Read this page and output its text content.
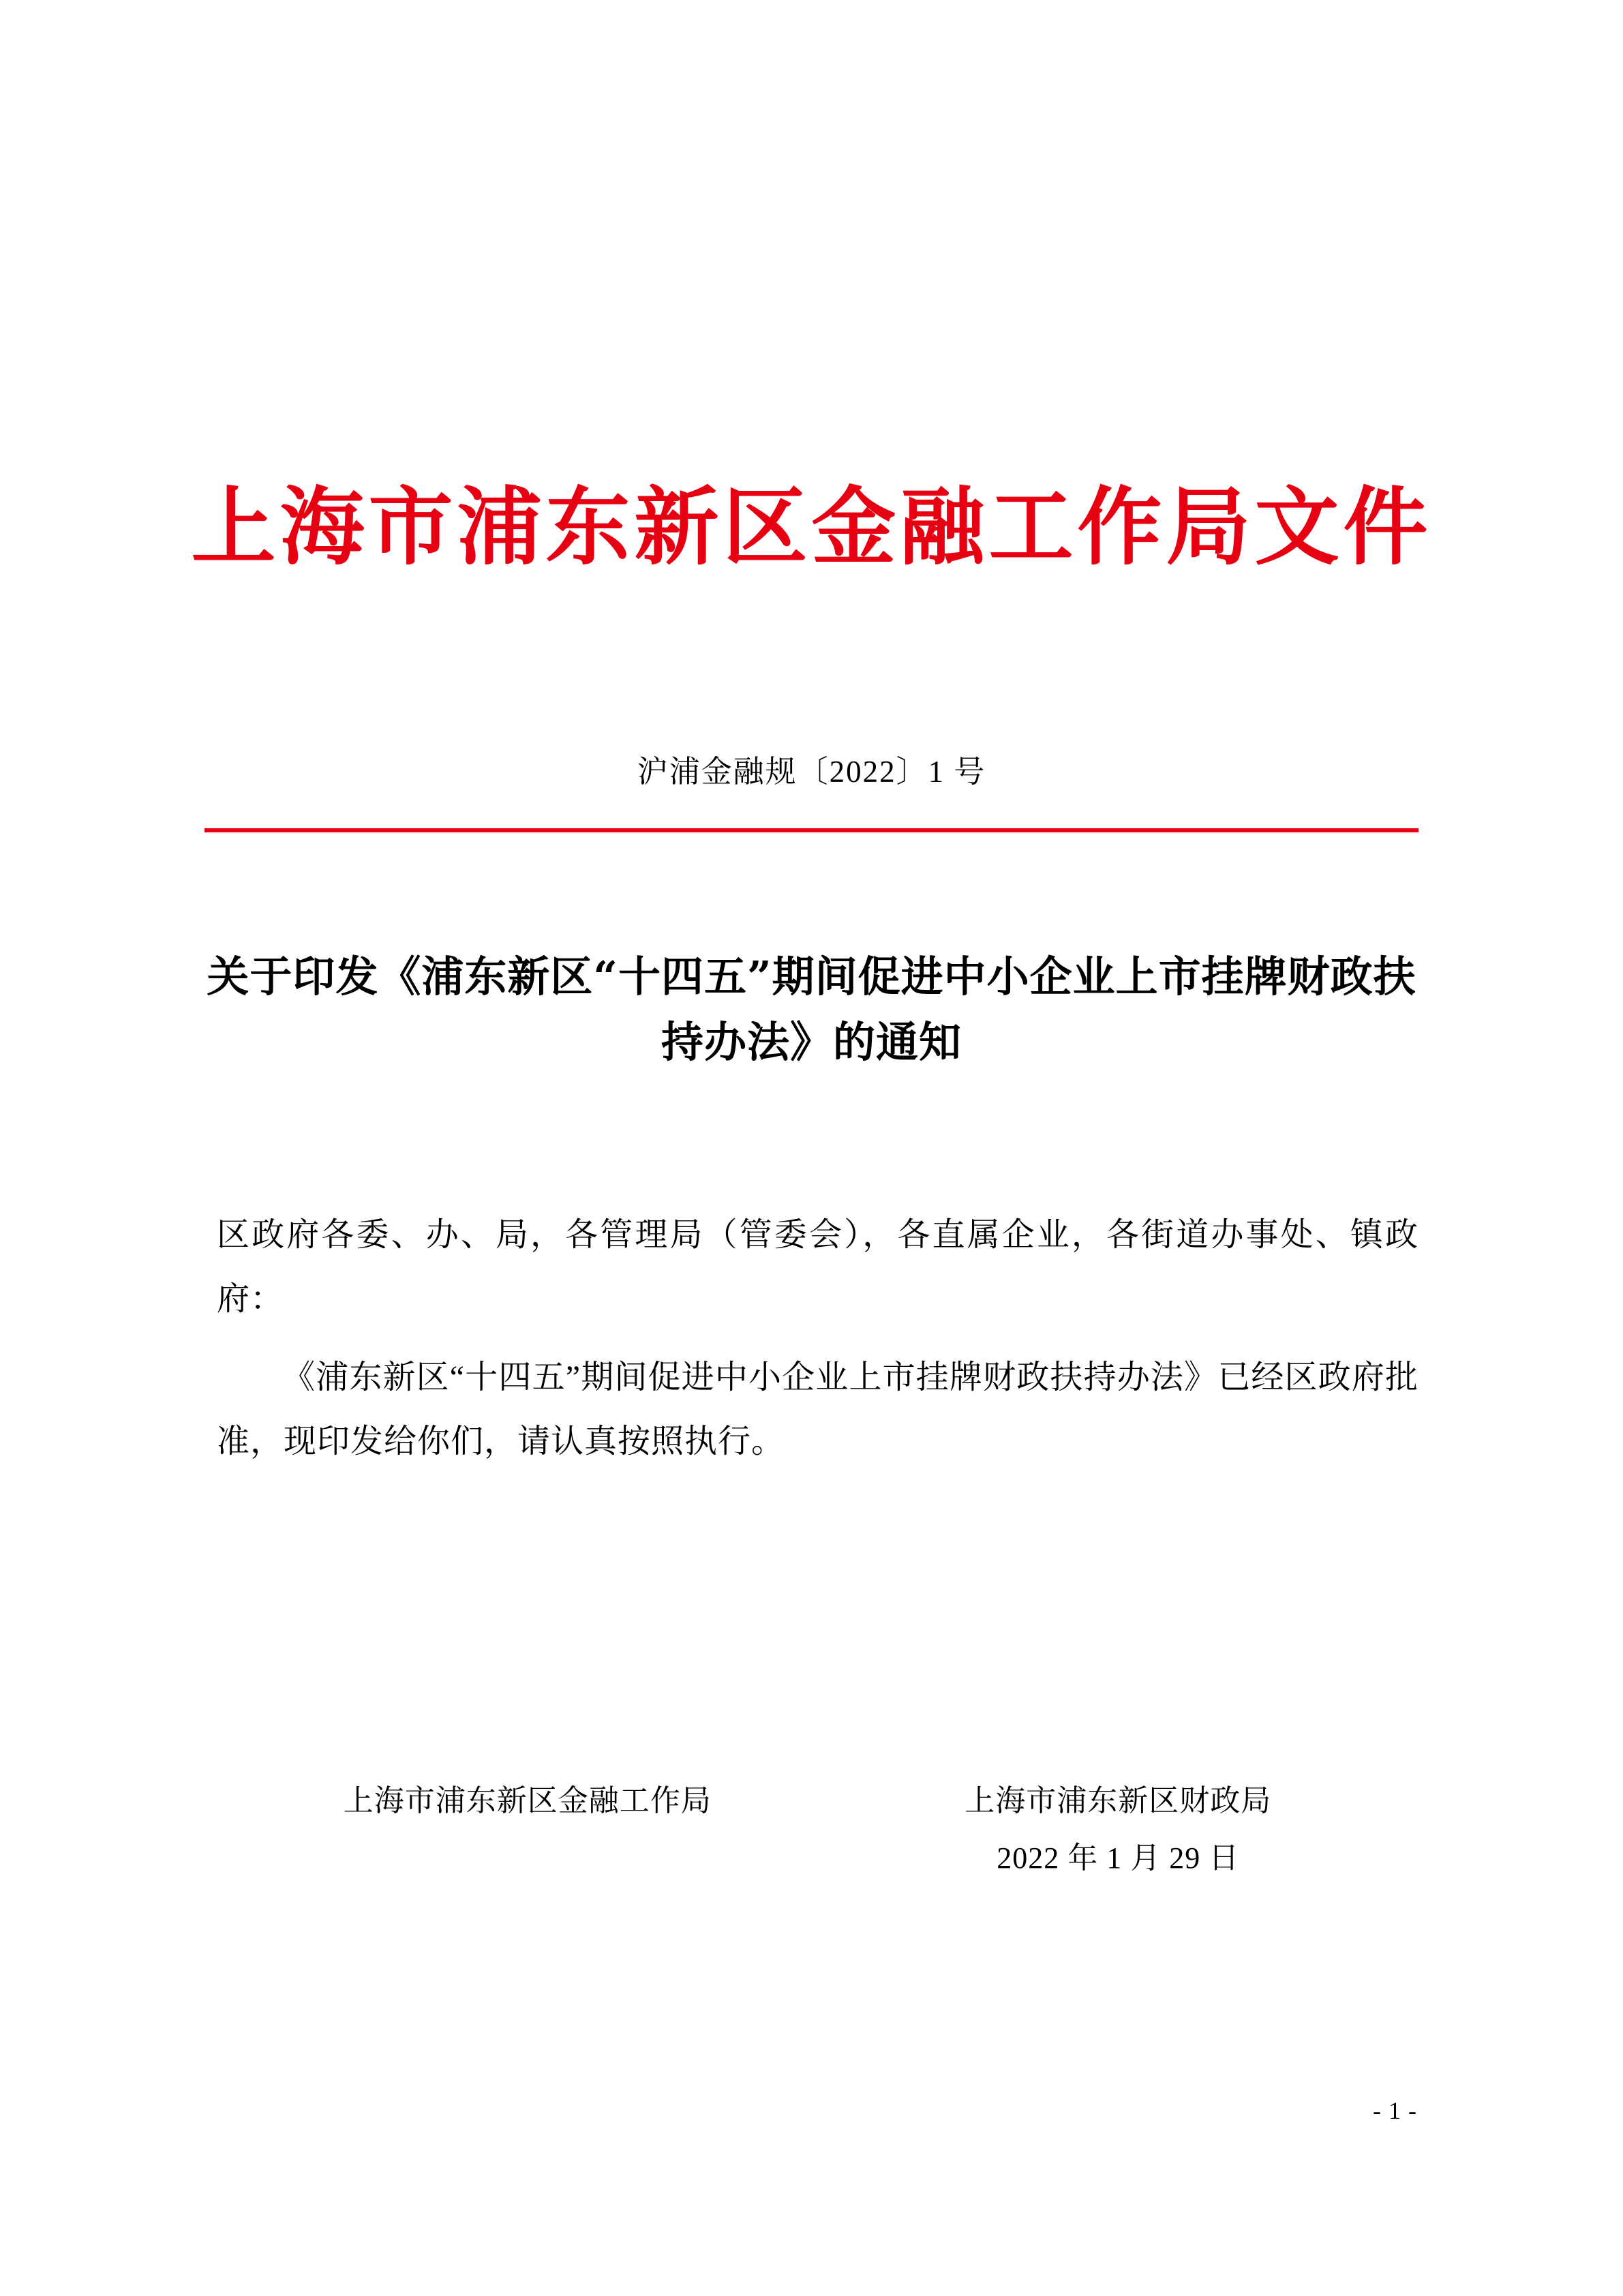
上海市浦东新区金融工作局文件
沪浦金融规〔2022〕1 号
关于印发《浦东新区“十四五”期间促进中小企业上市挂牌财政扶持办法》的通知

区政府各委、办、局，各管理局（管委会），各直属企业，各街道办事处、镇政府：

《浦东新区“十四五”期间促进中小企业上市挂牌财政扶持办法》已经区政府批准，现印发给你们，请认真按照执行。

上海市浦东新区金融工作局	上海市浦东新区财政局
2022 年 1 月 29 日
- 1 -
